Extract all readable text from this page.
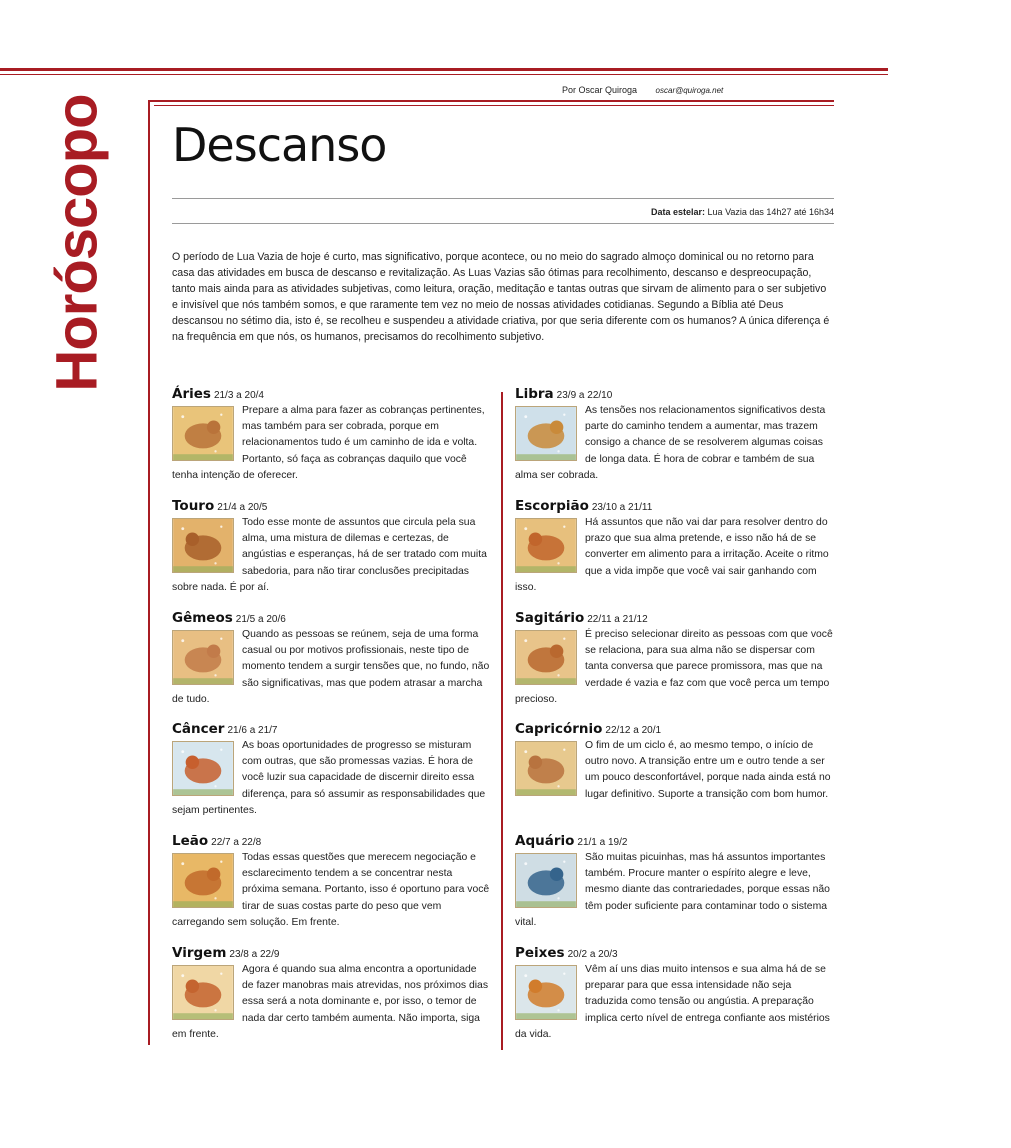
Por Oscar Quiroga oscar@quiroga.net
Horóscopo Descanso
Data estelar: Lua Vazia das 14h27 até 16h34

O período de Lua Vazia de hoje é curto, mas significativo, porque acontece, ou no meio do sagrado almoço dominical ou no retorno para casa das atividades em busca de descanso e revitalização. As Luas Vazias são ótimas para recolhimento, descanso e despreocupação, tanto mais ainda para as atividades subjetivas, como leitura, oração, meditação e tantas outras que sirvam de alimento para o ser subjetivo e invisível que nós também somos, e que raramente tem vez no meio de nossas atividades cotidianas. Segundo a Bíblia até Deus descansou no sétimo dia, isto é, se recolheu e suspendeu a atividade criativa, por que seria diferente com os humanos? A única diferença é na frequência em que nós, os humanos, precisamos do recolhimento subjetivo.

Áries 21/3 a 20/4
Prepare a alma para fazer as cobranças pertinentes, mas também para ser cobrada, porque em relacionamentos tudo é um caminho de ida e volta. Portanto, só faça as cobranças daquilo que você tenha intenção de oferecer.
Touro 21/4 a 20/5
Todo esse monte de assuntos que circula pela sua alma, uma mistura de dilemas e certezas, de angústias e esperanças, há de ser tratado com muita sabedoria, para não tirar conclusões precipitadas sobre nada. É por aí.
Gêmeos 21/5 a 20/6
Quando as pessoas se reúnem, seja de uma forma casual ou por motivos profissionais, neste tipo de momento tendem a surgir tensões que, no fundo, não são significativas, mas que podem atrasar a marcha de tudo.
Câncer 21/6 a 21/7
As boas oportunidades de progresso se misturam com outras, que são promessas vazias. É hora de você luzir sua capacidade de discernir direito essa diferença, para só assumir as responsabilidades que sejam pertinentes.
Leão 22/7 a 22/8
Todas essas questões que merecem negociação e esclarecimento tendem a se concentrar nesta próxima semana. Portanto, isso é oportuno para você tirar de suas costas parte do peso que vem carregando sem solução. Em frente.
Virgem 23/8 a 22/9
Agora é quando sua alma encontra a oportunidade de fazer manobras mais atrevidas, nos próximos dias essa será a nota dominante e, por isso, o temor de nada dar certo também aumenta. Não importa, siga em frente.
Libra 23/9 a 22/10
As tensões nos relacionamentos significativos desta parte do caminho tendem a aumentar, mas trazem consigo a chance de se resolverem algumas coisas de longa data. É hora de cobrar e também de sua alma ser cobrada.
Escorpião 23/10 a 21/11
Há assuntos que não vai dar para resolver dentro do prazo que sua alma pretende, e isso não há de se converter em alimento para a irritação. Aceite o ritmo que a vida impõe que você vai sair ganhando com isso.
Sagitário 22/11 a 21/12
É preciso selecionar direito as pessoas com que você se relaciona, para sua alma não se dispersar com tanta conversa que parece promissora, mas que na verdade é vazia e faz com que você perca um tempo precioso.
Capricórnio 22/12 a 20/1
O fim de um ciclo é, ao mesmo tempo, o início de outro novo. A transição entre um e outro tende a ser um pouco desconfortável, porque nada ainda está no lugar definitivo. Suporte a transição com bom humor.
Aquário 21/1 a 19/2
São muitas picuinhas, mas há assuntos importantes também. Procure manter o espírito alegre e leve, mesmo diante das contrariedades, porque essas não têm poder suficiente para contaminar todo o sistema vital.
Peixes 20/2 a 20/3
Vêm aí uns dias muito intensos e sua alma há de se preparar para que essa intensidade não seja traduzida como tensão ou angústia. A preparação implica certo nível de entrega confiante aos mistérios da vida.
